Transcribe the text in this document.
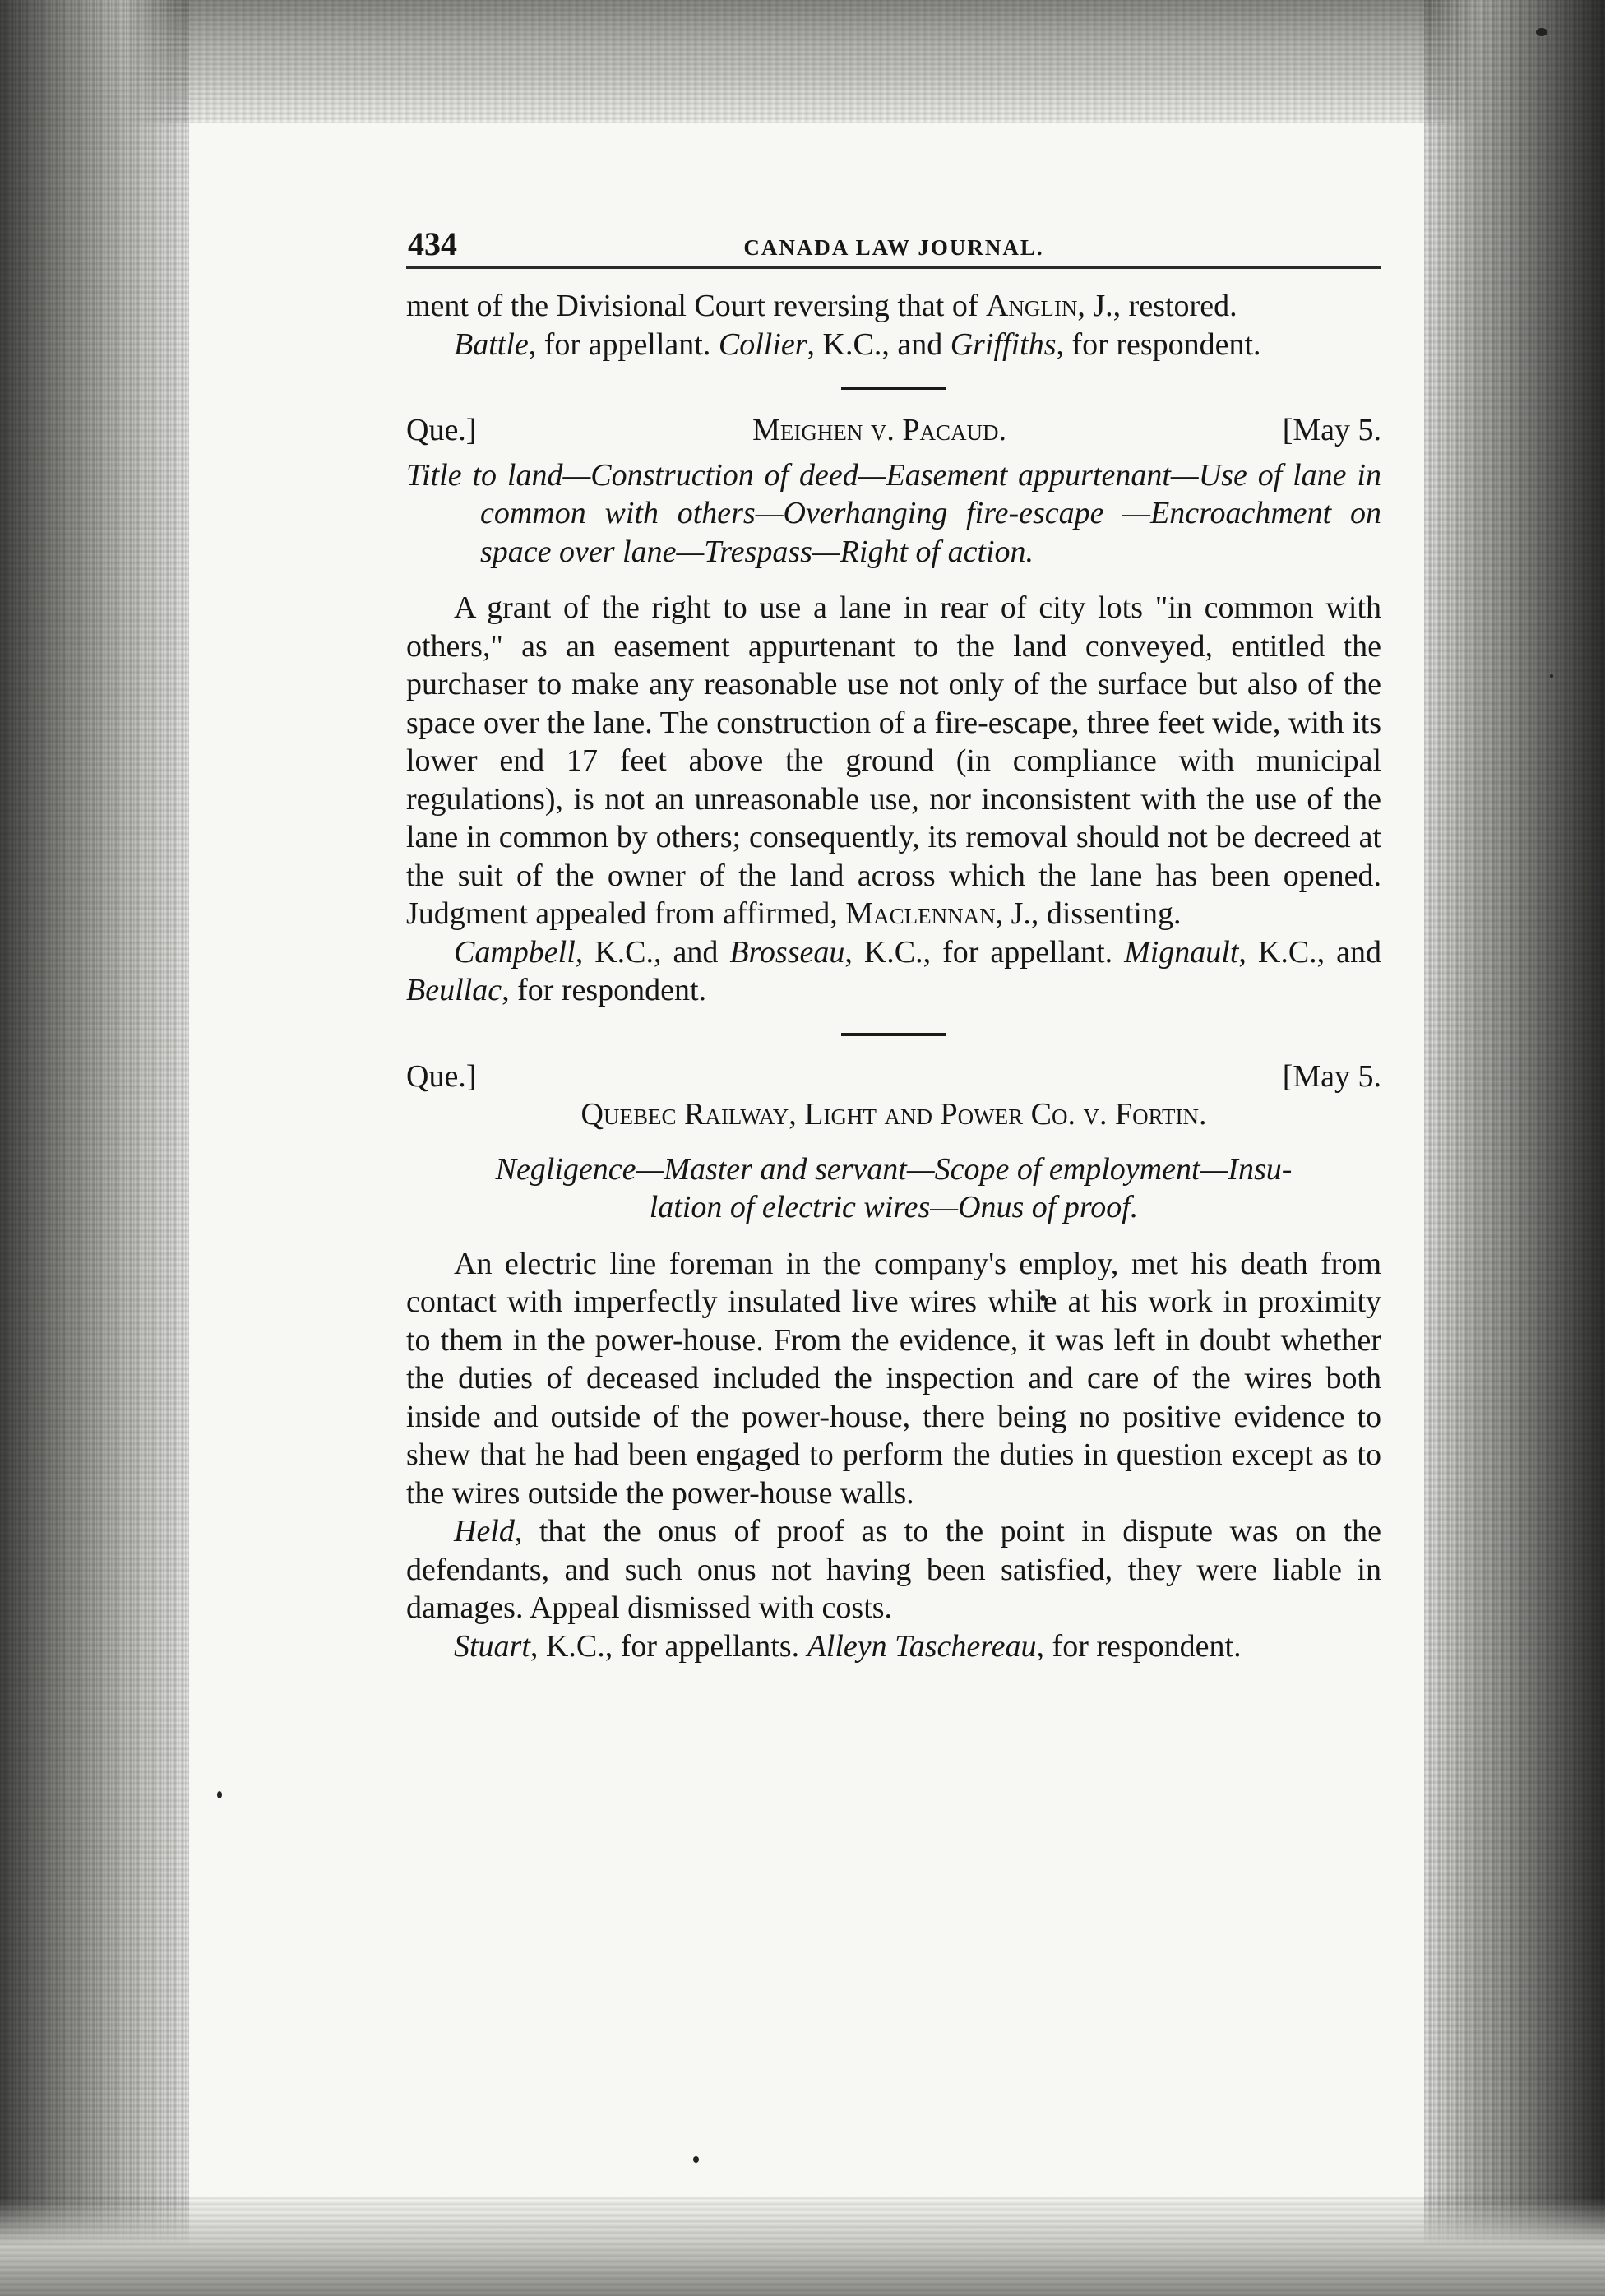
434	CANADA LAW JOURNAL.

ment of the Divisional Court reversing that of Anglin, J., restored.

Battle, for appellant. Collier, K.C., and Griffiths, for respondent.

Que.]	Meighen v. Pacaud.	[May 5.

Title to land—Construction of deed—Easement appurtenant—Use of lane in common with others—Overhanging fire-escape —Encroachment on space over lane—Trespass—Right of action.

A grant of the right to use a lane in rear of city lots "in common with others," as an easement appurtenant to the land conveyed, entitled the purchaser to make any reasonable use not only of the surface but also of the space over the lane. The construction of a fire-escape, three feet wide, with its lower end 17 feet above the ground (in compliance with municipal regulations), is not an unreasonable use, nor inconsistent with the use of the lane in common by others; consequently, its removal should not be decreed at the suit of the owner of the land across which the lane has been opened. Judgment appealed from affirmed, Maclennan, J., dissenting.

Campbell, K.C., and Brosseau, K.C., for appellant. Mignault, K.C., and Beullac, for respondent.

Que.]	[May 5.

Quebec Railway, Light and Power Co. v. Fortin.

Negligence—Master and servant—Scope of employment—Insu-
lation of electric wires—Onus of proof.

An electric line foreman in the company's employ, met his death from contact with imperfectly insulated live wires while at his work in proximity to them in the power-house. From the evidence, it was left in doubt whether the duties of deceased included the inspection and care of the wires both inside and outside of the power-house, there being no positive evidence to shew that he had been engaged to perform the duties in question except as to the wires outside the power-house walls.

Held, that the onus of proof as to the point in dispute was on the defendants, and such onus not having been satisfied, they were liable in damages. Appeal dismissed with costs.

Stuart, K.C., for appellants. Alleyn Taschereau, for respondent.
